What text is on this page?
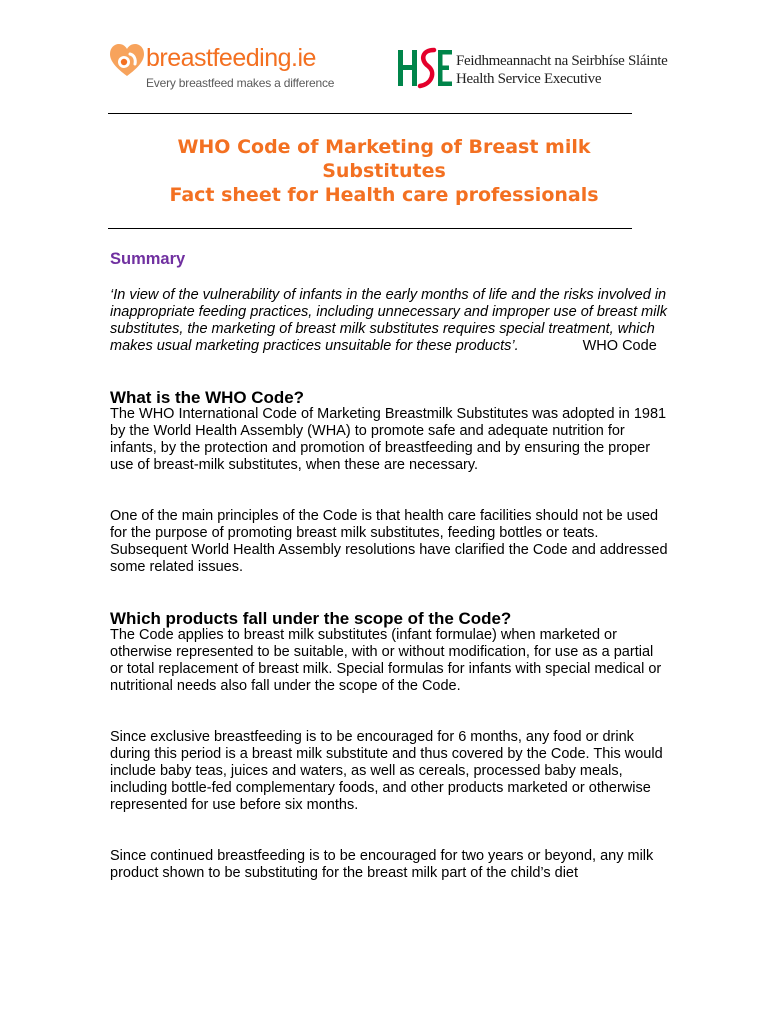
breastfeeding.ie
Every breastfeed makes a difference
Feidhmeannacht na Seirbhíse Sláinte
Health Service Executive
WHO Code of Marketing of Breast milk
Substitutes
Fact sheet for Health care professionals
Summary

‘In view of the vulnerability of infants in the early months of life and the risks involved in inappropriate feeding practices, including unnecessary and improper use of breast milk substitutes, the marketing of breast milk substitutes requires special treatment, which makes usual marketing practices unsuitable for these products’.	WHO Code

What is the WHO Code?

The WHO International Code of Marketing Breastmilk Substitutes was adopted in 1981 by the World Health Assembly (WHA) to promote safe and adequate nutrition for infants, by the protection and promotion of breastfeeding and by ensuring the proper use of breast-milk substitutes, when these are necessary.

One of the main principles of the Code is that health care facilities should not be used for the purpose of promoting breast milk substitutes, feeding bottles or teats. Subsequent World Health Assembly resolutions have clarified the Code and addressed some related issues.

Which products fall under the scope of the Code?

The Code applies to breast milk substitutes (infant formulae) when marketed or otherwise represented to be suitable, with or without modification, for use as a partial or total replacement of breast milk. Special formulas for infants with special medical or nutritional needs also fall under the scope of the Code.

Since exclusive breastfeeding is to be encouraged for 6 months, any food or drink during this period is a breast milk substitute and thus covered by the Code. This would include baby teas, juices and waters, as well as cereals, processed baby meals, including bottle-fed complementary foods, and other products marketed or otherwise represented for use before six months.

Since continued breastfeeding is to be encouraged for two years or beyond, any milk product shown to be substituting for the breast milk part of the child’s diet
